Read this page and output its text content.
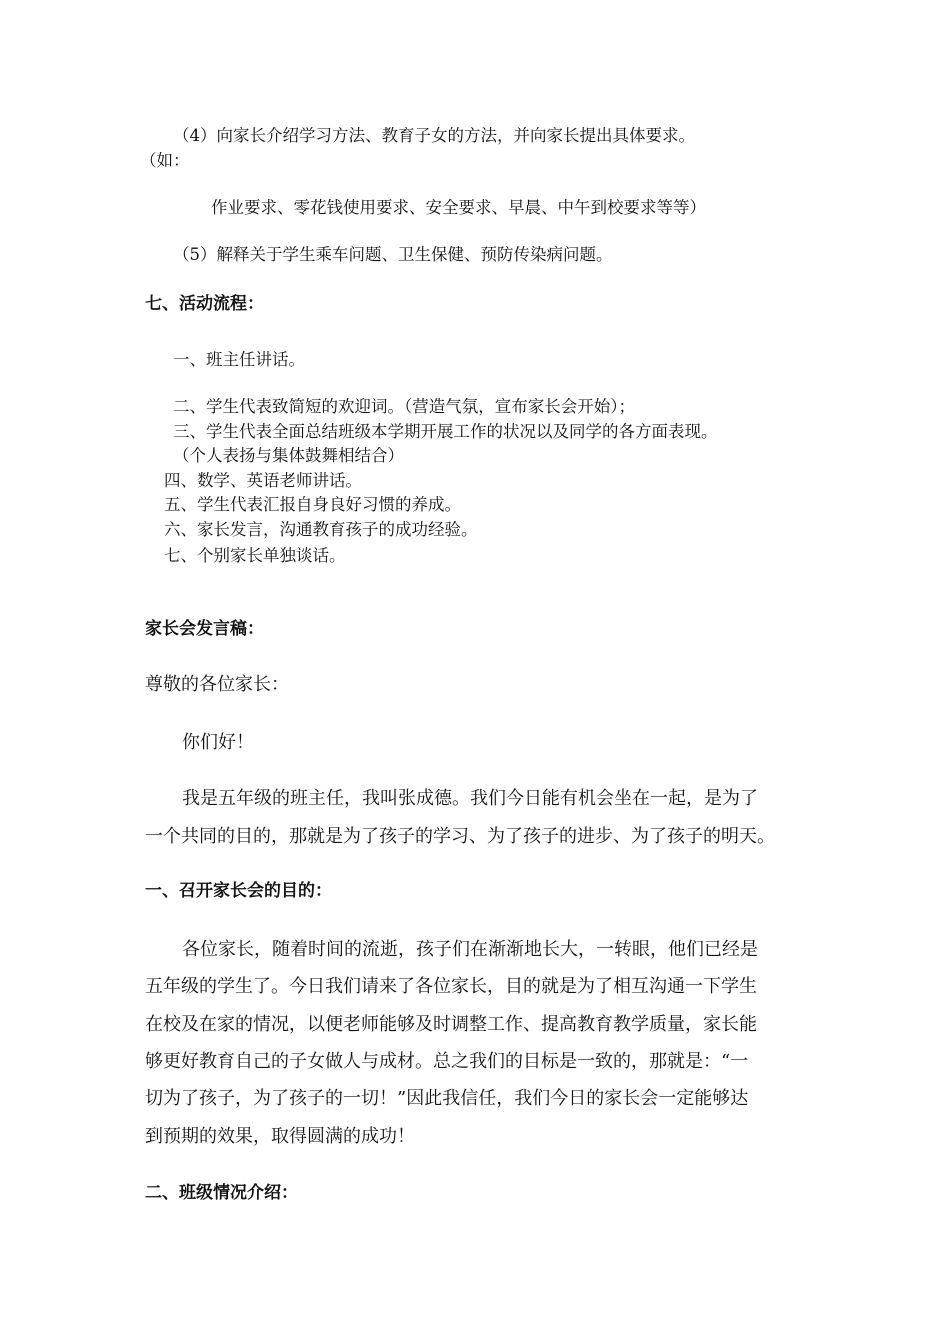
（4）向家长介绍学习方法、教育子女的方法，并向家长提出具体要求。
（如：
作业要求、零花钱使用要求、安全要求、早晨、中午到校要求等等）
（5）解释关于学生乘车问题、卫生保健、预防传染病问题。
七、活动流程：
一、班主任讲话。
二、学生代表致简短的欢迎词。（营造气氛，宣布家长会开始）；
三、学生代表全面总结班级本学期开展工作的状况以及同学的各方面表现。
（个人表扬与集体鼓舞相结合）
四、数学、英语老师讲话。
五、学生代表汇报自身良好习惯的养成。
六、家长发言，沟通教育孩子的成功经验。
七、个别家长单独谈话。
家长会发言稿：
尊敬的各位家长：
你们好！
我是五年级的班主任，我叫张成德。我们今日能有机会坐在一起，是为了
一个共同的目的，那就是为了孩子的学习、为了孩子的进步、为了孩子的明天。
一、召开家长会的目的：
各位家长，随着时间的流逝，孩子们在渐渐地长大，一转眼，他们已经是
五年级的学生了。今日我们请来了各位家长，目的就是为了相互沟通一下学生
在校及在家的情况，以便老师能够及时调整工作、提高教育教学质量，家长能
够更好教育自己的子女做人与成材。总之我们的目标是一致的，那就是：“一
切为了孩子，为了孩子的一切！”因此我信任，我们今日的家长会一定能够达
到预期的效果，取得圆满的成功！
二、班级情况介绍：
